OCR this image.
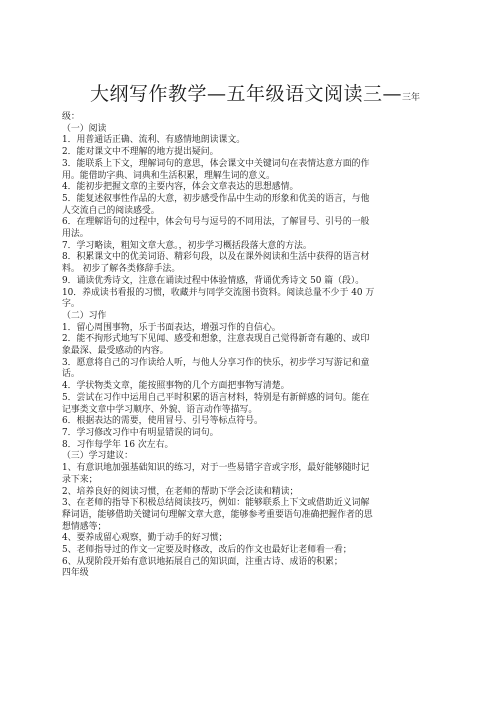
大纲写作教学—五年级语文阅读三—三年
级：
（一）阅读
1．用普通话正确、流利、有感情地朗读课文。
2．能对课文中不理解的地方提出疑问。
3．能联系上下文，理解词句的意思，体会课文中关键词句在表情达意方面的作
用。能借助字典、词典和生活积累，理解生词的意义。
4．能初步把握文章的主要内容，体会文章表达的思想感情。
5．能复述叙事性作品的大意，初步感受作品中生动的形象和优美的语言，与他
人交流自己的阅读感受。
6．在理解语句的过程中，体会句号与逗号的不同用法，了解冒号、引号的一般
用法。
7．学习略读，粗知文章大意。，初步学习概括段落大意的方法。
8．积累课文中的优美词语、精彩句段，以及在课外阅读和生活中获得的语言材
料。 初步了解各类修辞手法。
9．诵读优秀诗文，注意在诵读过程中体验情感，背诵优秀诗文 50 篇（段）。
10．养成读书看报的习惯，收藏并与同学交流图书资料。阅读总量不少于 40 万
字。
（二）习作
1．留心周围事物，乐于书面表达，增强习作的自信心。
2．能不拘形式地写下见闻、感受和想象，注意表现自己觉得新奇有趣的、或印
象最深、最受感动的内容。
3．愿意将自己的习作读给人听，与他人分享习作的快乐，初步学习写游记和童
话。
4．学状物类文章，能按照事物的几个方面把事物写清楚。
5．尝试在习作中运用自己平时积累的语言材料，特别是有新鲜感的词句。能在
记事类文章中学习顺序、外貌、语言动作等描写。
6．根据表达的需要，使用冒号、引号等标点符号。
7．学习修改习作中有明显错误的词句。
8．习作每学年 16 次左右。
（三）学习建议：
1、有意识地加强基础知识的练习，对于一些易错字音或字形，最好能够随时记
录下来；
2、培养良好的阅读习惯，在老师的帮助下学会泛读和精读；
3、在老师的指导下积极总结阅读技巧，例如：能够联系上下文或借助近义词解
释词语，能够借助关键词句理解文章大意，能够参考重要语句准确把握作者的思
想情感等；
4、要养成留心观察，勤于动手的好习惯；
5、老师指导过的作文一定要及时修改，改后的作文也最好让老师看一看；
6、从现阶段开始有意识地拓展自己的知识面，注重古诗、成语的积累；
四年级
